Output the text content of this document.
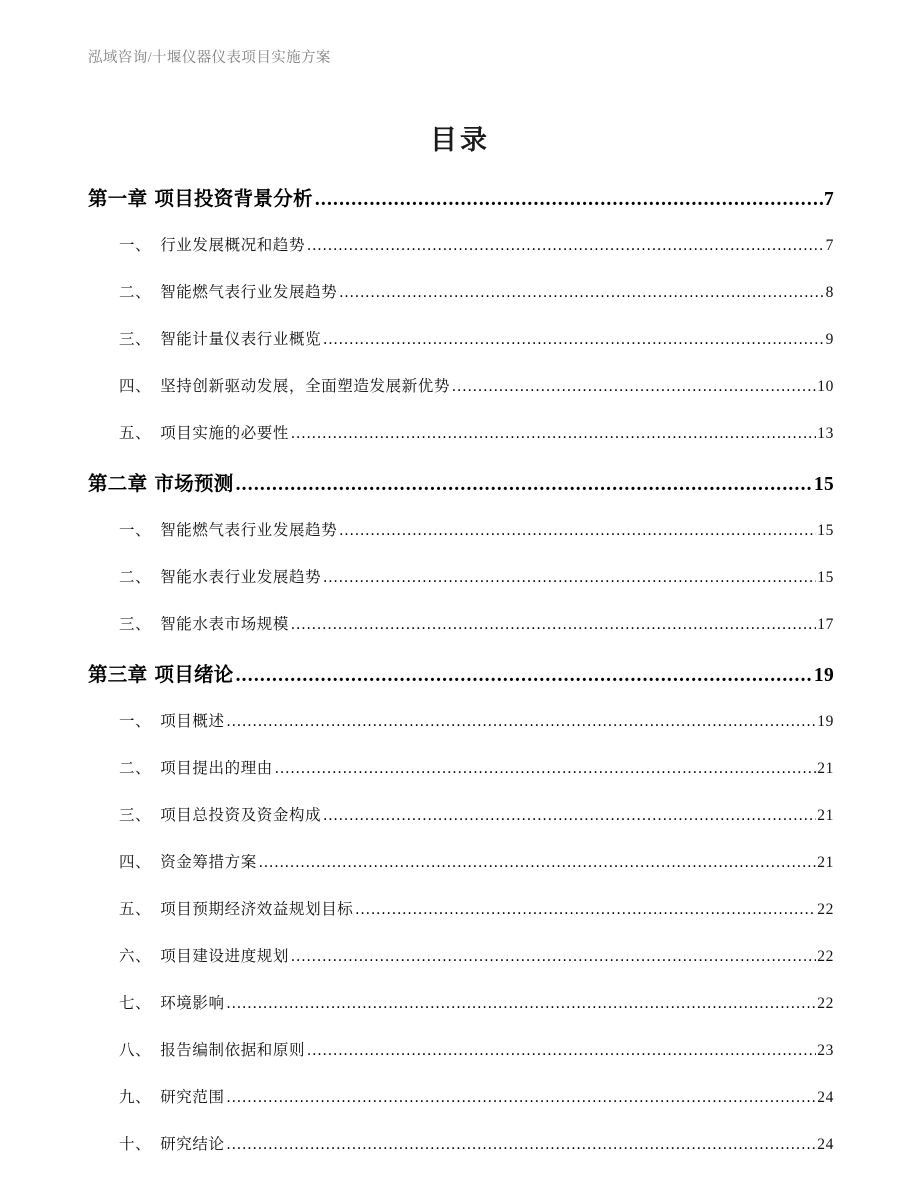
泓域咨询/十堰仪器仪表项目实施方案
目录
第一章 项目投资背景分析 .....	7
一、 行业发展概况和趋势 .....	7
二、 智能燃气表行业发展趋势 .....	8
三、 智能计量仪表行业概览 .....	9
四、 坚持创新驱动发展，全面塑造发展新优势 .....	10
五、 项目实施的必要性 .....	13
第二章 市场预测 .....	15
一、 智能燃气表行业发展趋势 .....	15
二、 智能水表行业发展趋势 .....	15
三、 智能水表市场规模 .....	17
第三章 项目绪论 .....	19
一、 项目概述 .....	19
二、 项目提出的理由 .....	21
三、 项目总投资及资金构成 .....	21
四、 资金筹措方案 .....	21
五、 项目预期经济效益规划目标 .....	22
六、 项目建设进度规划 .....	22
七、 环境影响 .....	22
八、 报告编制依据和原则 .....	23
九、 研究范围 .....	24
十、 研究结论 .....	24
